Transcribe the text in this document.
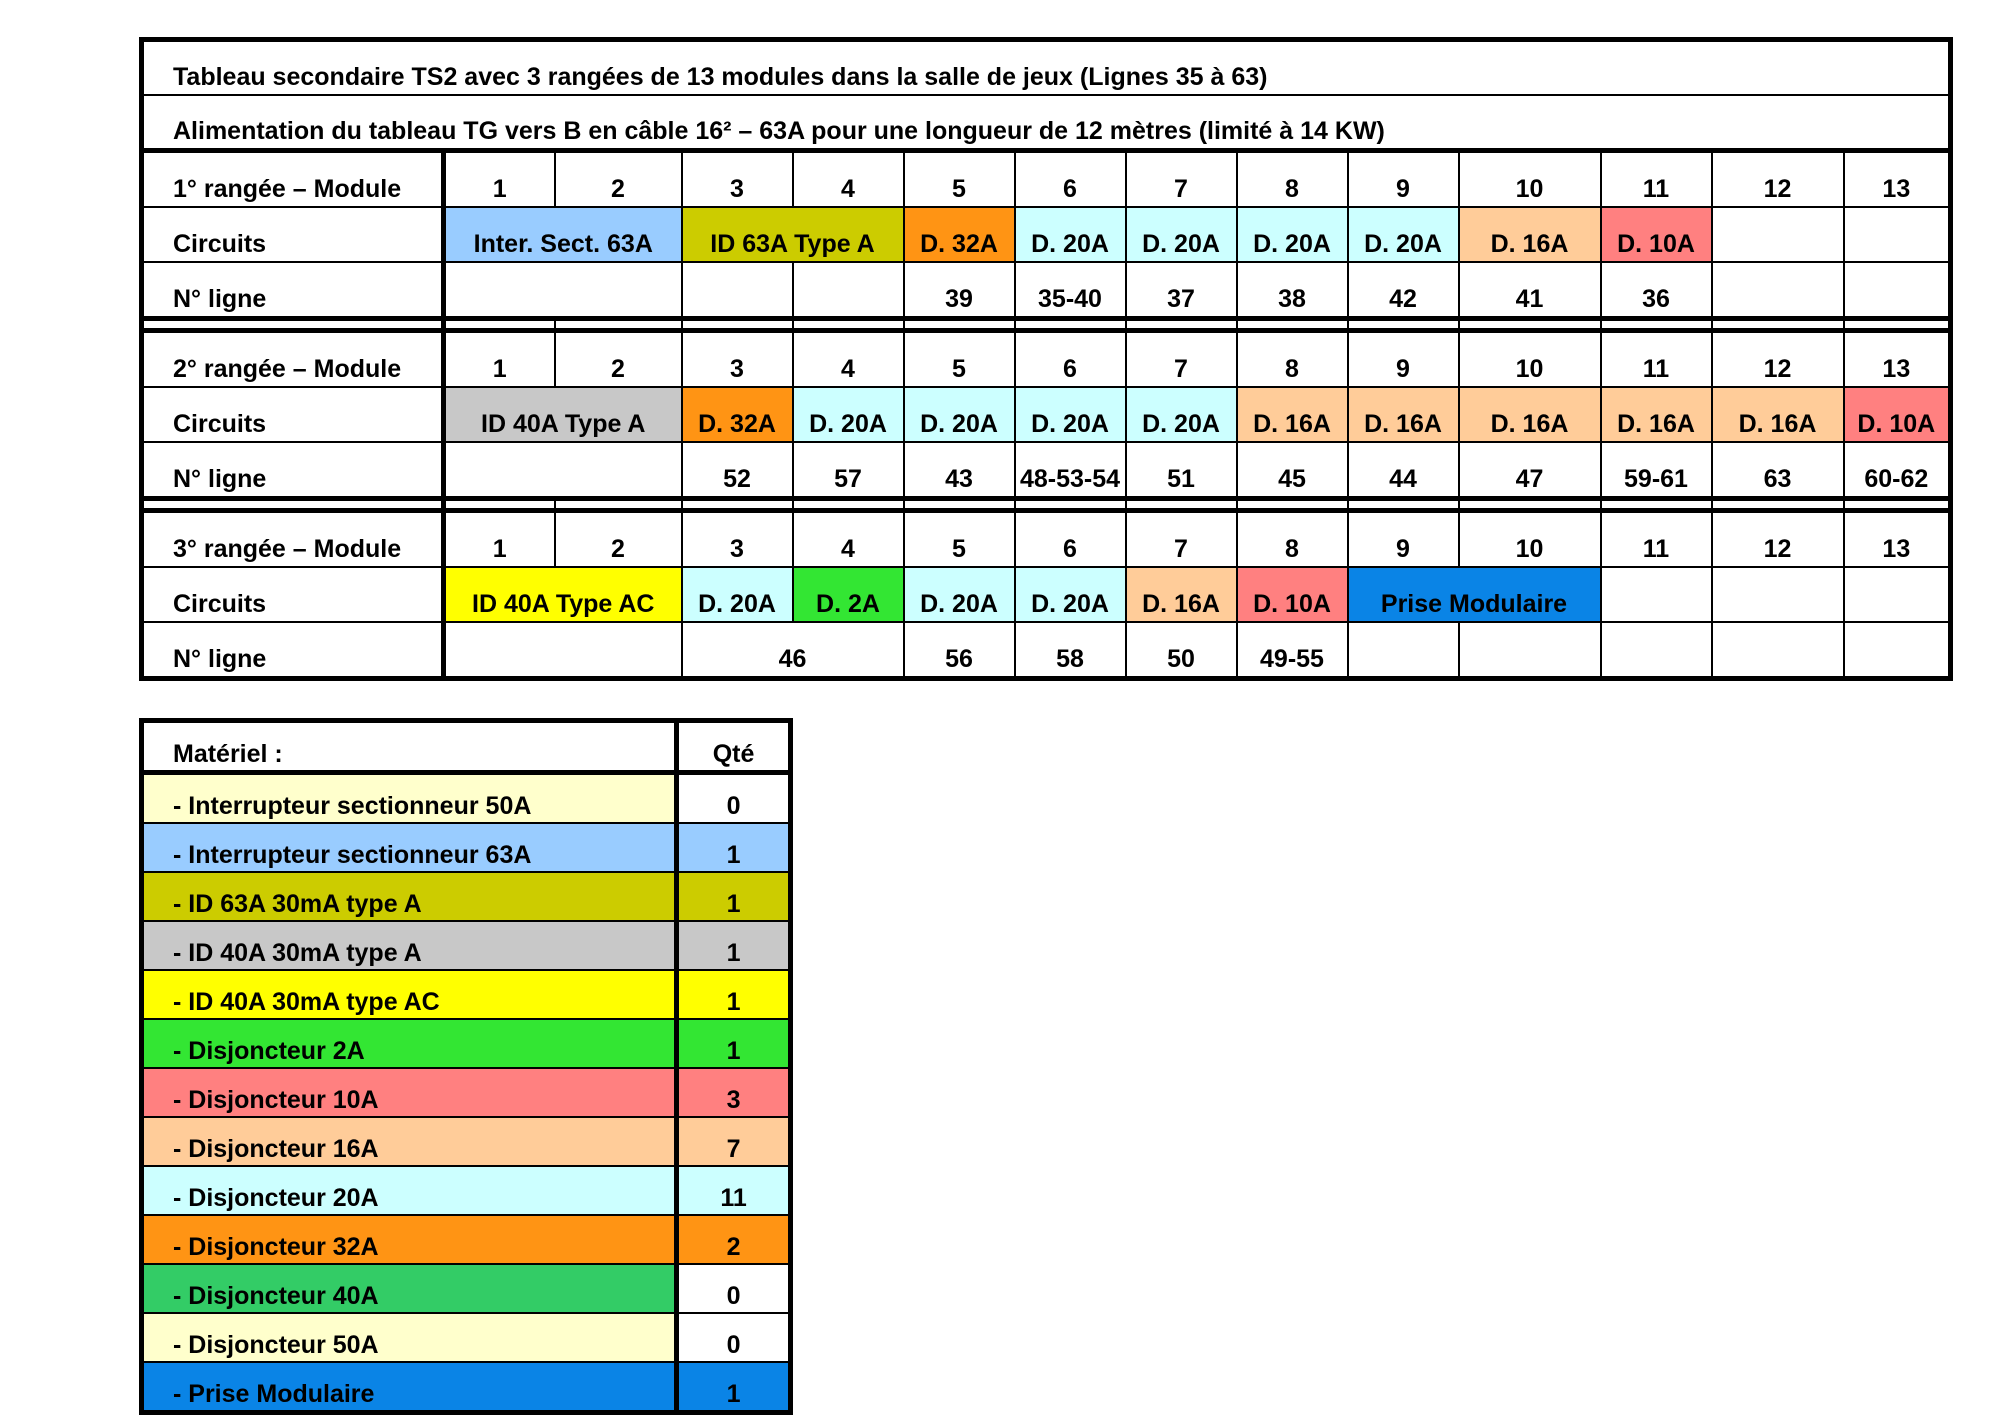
Tableau secondaire TS2 avec 3 rangées de 13 modules dans la salle de jeux (Lignes 35 à 63)													
Alimentation du tableau TG vers B en câble 16² – 63A pour une longueur de 12 mètres (limité à 14 KW)													
1° rangée – Module	1	2	3	4	5	6	7	8	9	10	11	12	13
Circuits	Inter. Sect. 63A		ID 63A Type A		D. 32A	D. 20A	D. 20A	D. 20A	D. 20A	D. 16A	D. 10A		
N° ligne					39	35-40	37	38	42	41	36		

2° rangée – Module	1	2	3	4	5	6	7	8	9	10	11	12	13
Circuits	ID 40A Type A		D. 32A	D. 20A	D. 20A	D. 20A	D. 20A	D. 16A	D. 16A	D. 16A	D. 16A	D. 16A	D. 10A
N° ligne			52	57	43	48-53-54	51	45	44	47	59-61	63	60-62

3° rangée – Module	1	2	3	4	5	6	7	8	9	10	11	12	13
Circuits	ID 40A Type AC		D. 20A	D. 2A	D. 20A	D. 20A	D. 16A	D. 10A	Prise Modulaire				
N° ligne			46		56	58	50	49-55					
Matériel :	Qté
- Interrupteur sectionneur 50A	0
- Interrupteur sectionneur 63A	1
- ID 63A 30mA type A	1
- ID 40A 30mA type A	1
- ID 40A 30mA type AC	1
- Disjoncteur 2A	1
- Disjoncteur 10A	3
- Disjoncteur 16A	7
- Disjoncteur 20A	11
- Disjoncteur 32A	2
- Disjoncteur 40A	0
- Disjoncteur 50A	0
- Prise Modulaire	1
